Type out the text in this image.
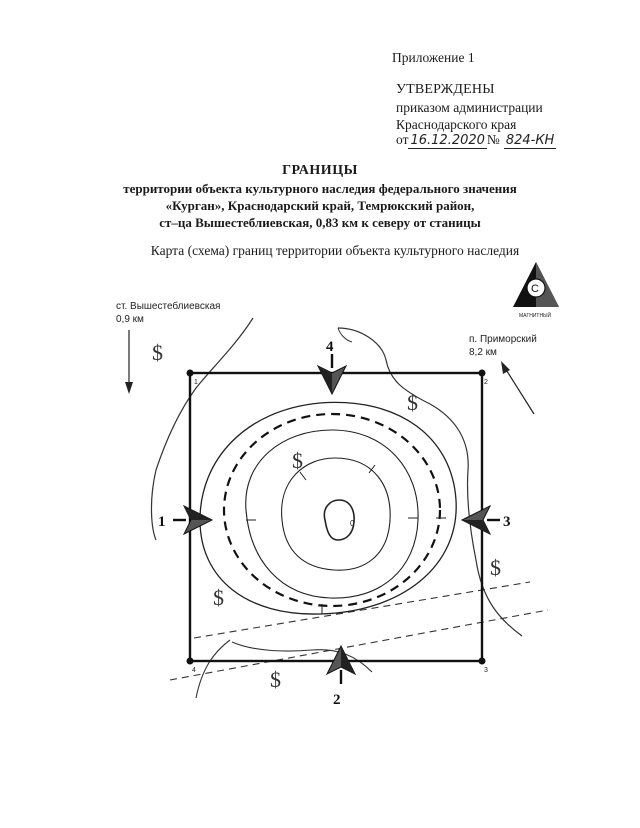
Приложение 1
УТВЕРЖДЕНЫ
приказом администрации
Краснодарского края
от 16.12.2020 № 824-КН
ГРАНИЦЫ
территории объекта культурного наследия федерального значения
«Курган», Краснодарский край, Темрюкский район,
ст–ца Вышестеблиевская, 0,83 км к северу от станицы
Карта (схема) границ территории объекта культурного наследия
0
1	2
3
4
$
$
$
$
$
$
4
2
1	3
ст. Вышестеблиевская
0,9 км
п. Приморский
8,2 км
С
МАГНИТНЫЙ
